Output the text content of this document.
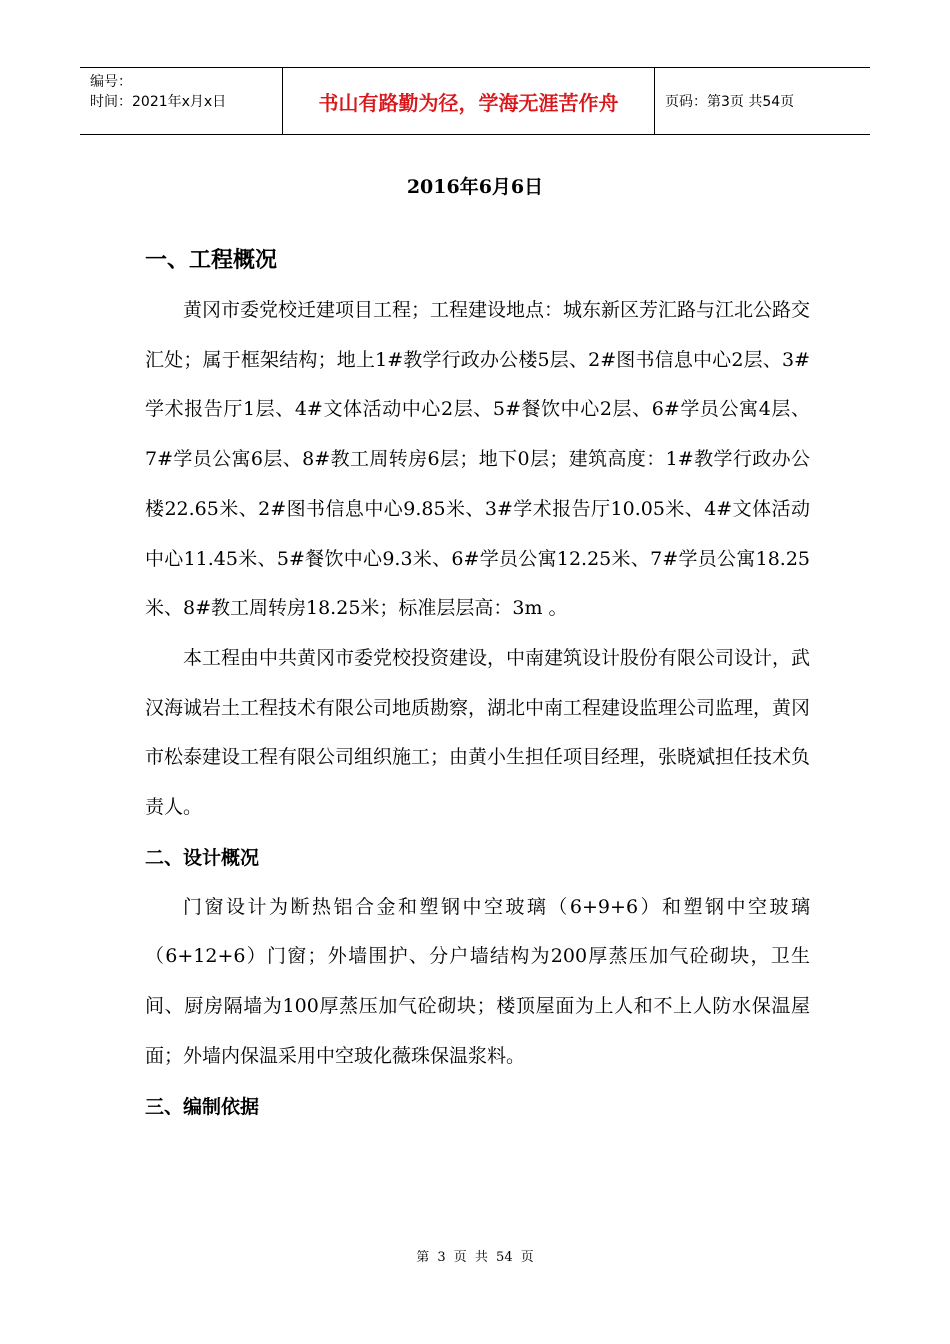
编号：
时间：2021年x月x日	书山有路勤为径，学海无涯苦作舟	页码：第3页 共54页
2016年6月6日
一、工程概况

黄冈市委党校迁建项目工程；工程建设地点：城东新区芳汇路与江北公路交汇处；属于框架结构；地上1#教学行政办公楼5层、2#图书信息中心2层、3#学术报告厅1层、4#文体活动中心2层、5#餐饮中心2层、6#学员公寓4层、7#学员公寓6层、8#教工周转房6层；地下0层；建筑高度：1#教学行政办公楼22.65米、2#图书信息中心9.85米、3#学术报告厅10.05米、4#文体活动中心11.45米、5#餐饮中心9.3米、6#学员公寓12.25米、7#学员公寓18.25米、8#教工周转房18.25米；标准层层高：3m 。

本工程由中共黄冈市委党校投资建设，中南建筑设计股份有限公司设计，武汉海诚岩土工程技术有限公司地质勘察，湖北中南工程建设监理公司监理，黄冈市松泰建设工程有限公司组织施工；由黄小生担任项目经理，张晓斌担任技术负责人。

二、设计概况

门窗设计为断热铝合金和塑钢中空玻璃（6+9+6）和塑钢中空玻璃（6+12+6）门窗；外墙围护、分户墙结构为200厚蒸压加气砼砌块，卫生间、厨房隔墙为100厚蒸压加气砼砌块；楼顶屋面为上人和不上人防水保温屋面；外墙内保温采用中空玻化薇珠保温浆料。

三、编制依据
第 3 页 共 54 页
